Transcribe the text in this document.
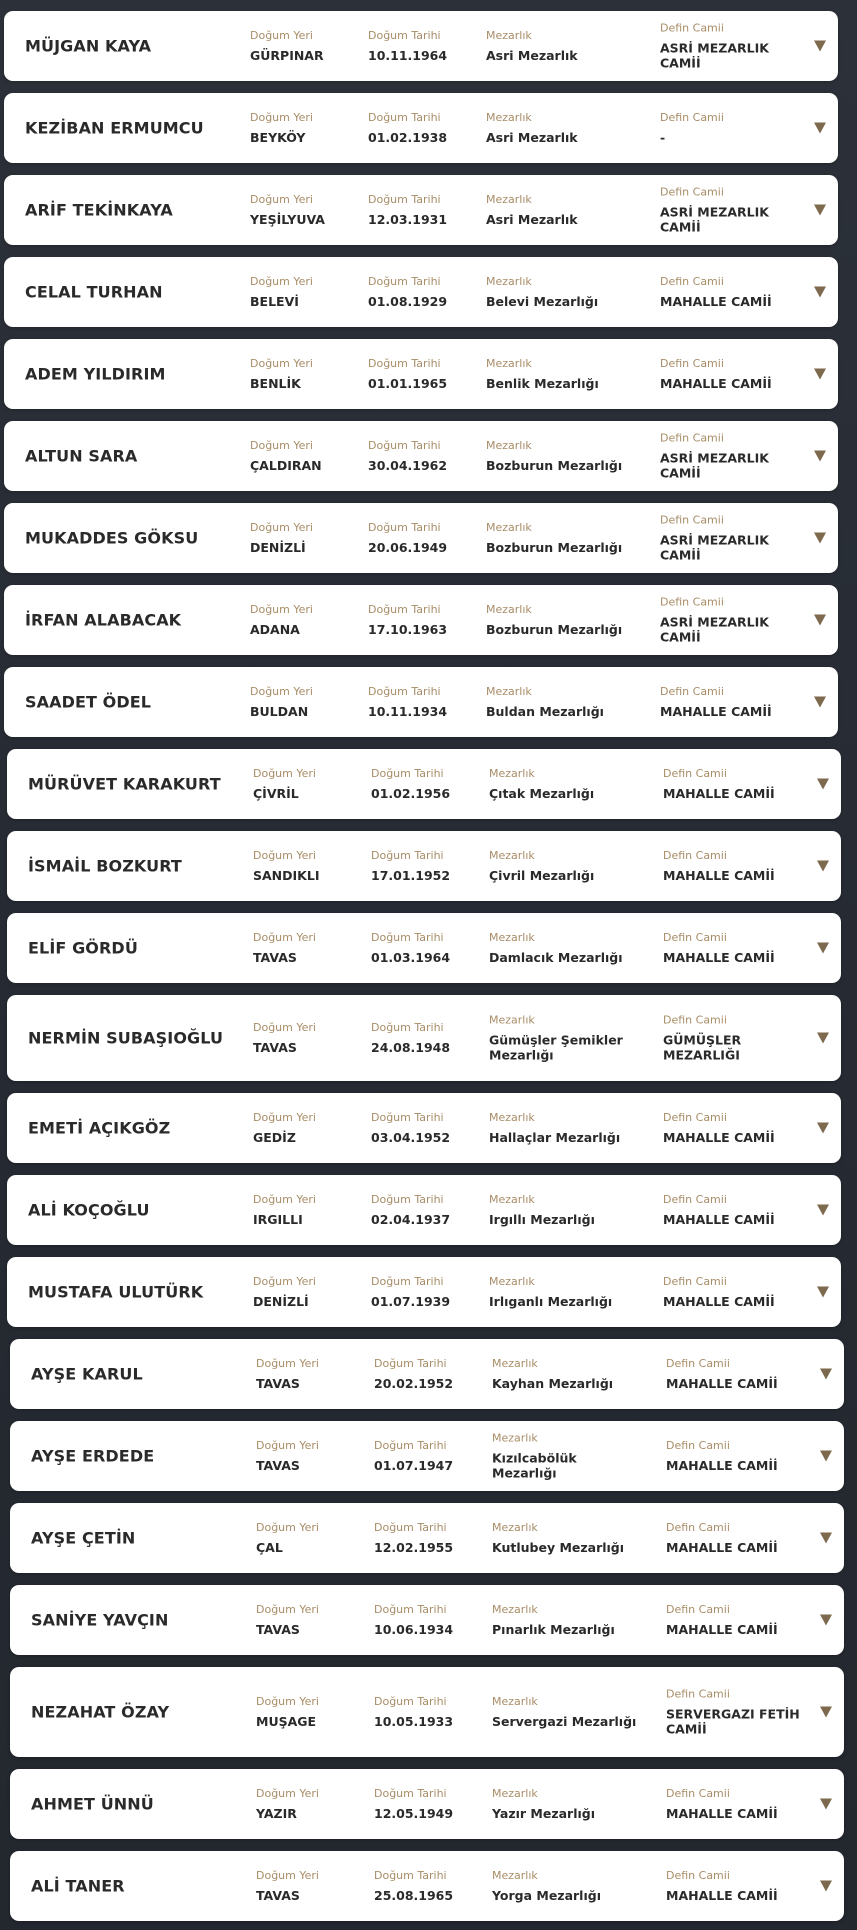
MÜJGAN KAYA
Doğum Yeri
GÜRPINAR
Doğum Tarihi
10.11.1964
Mezarlık
Asri Mezarlık
Defin Camii
ASRİ MEZARLIK CAMİİ
KEZİBAN ERMUMCU
Doğum Yeri
BEYKÖY
Doğum Tarihi
01.02.1938
Mezarlık
Asri Mezarlık
Defin Camii
-
ARİF TEKİNKAYA
Doğum Yeri
YEŞİLYUVA
Doğum Tarihi
12.03.1931
Mezarlık
Asri Mezarlık
Defin Camii
ASRİ MEZARLIK CAMİİ
CELAL TURHAN
Doğum Yeri
BELEVİ
Doğum Tarihi
01.08.1929
Mezarlık
Belevi Mezarlığı
Defin Camii
MAHALLE CAMİİ
ADEM YILDIRIM
Doğum Yeri
BENLİK
Doğum Tarihi
01.01.1965
Mezarlık
Benlik Mezarlığı
Defin Camii
MAHALLE CAMİİ
ALTUN SARA
Doğum Yeri
ÇALDIRAN
Doğum Tarihi
30.04.1962
Mezarlık
Bozburun Mezarlığı
Defin Camii
ASRİ MEZARLIK CAMİİ
MUKADDES GÖKSU
Doğum Yeri
DENİZLİ
Doğum Tarihi
20.06.1949
Mezarlık
Bozburun Mezarlığı
Defin Camii
ASRİ MEZARLIK CAMİİ
İRFAN ALABACAK
Doğum Yeri
ADANA
Doğum Tarihi
17.10.1963
Mezarlık
Bozburun Mezarlığı
Defin Camii
ASRİ MEZARLIK CAMİİ
SAADET ÖDEL
Doğum Yeri
BULDAN
Doğum Tarihi
10.11.1934
Mezarlık
Buldan Mezarlığı
Defin Camii
MAHALLE CAMİİ
MÜRÜVET KARAKURT
Doğum Yeri
ÇİVRİL
Doğum Tarihi
01.02.1956
Mezarlık
Çıtak Mezarlığı
Defin Camii
MAHALLE CAMİİ
İSMAİL BOZKURT
Doğum Yeri
SANDIKLI
Doğum Tarihi
17.01.1952
Mezarlık
Çivril Mezarlığı
Defin Camii
MAHALLE CAMİİ
ELİF GÖRDÜ
Doğum Yeri
TAVAS
Doğum Tarihi
01.03.1964
Mezarlık
Damlacık Mezarlığı
Defin Camii
MAHALLE CAMİİ
NERMİN SUBAŞIOĞLU
Doğum Yeri
TAVAS
Doğum Tarihi
24.08.1948
Mezarlık
Gümüşler Şemikler Mezarlığı
Defin Camii
GÜMÜŞLER MEZARLIĞI
EMETİ AÇIKGÖZ
Doğum Yeri
GEDİZ
Doğum Tarihi
03.04.1952
Mezarlık
Hallaçlar Mezarlığı
Defin Camii
MAHALLE CAMİİ
ALİ KOÇOĞLU
Doğum Yeri
IRGILLI
Doğum Tarihi
02.04.1937
Mezarlık
Irgıllı Mezarlığı
Defin Camii
MAHALLE CAMİİ
MUSTAFA ULUTÜRK
Doğum Yeri
DENİZLİ
Doğum Tarihi
01.07.1939
Mezarlık
Irlıganlı Mezarlığı
Defin Camii
MAHALLE CAMİİ
AYŞE KARUL
Doğum Yeri
TAVAS
Doğum Tarihi
20.02.1952
Mezarlık
Kayhan Mezarlığı
Defin Camii
MAHALLE CAMİİ
AYŞE ERDEDE
Doğum Yeri
TAVAS
Doğum Tarihi
01.07.1947
Mezarlık
Kızılcabölük Mezarlığı
Defin Camii
MAHALLE CAMİİ
AYŞE ÇETİN
Doğum Yeri
ÇAL
Doğum Tarihi
12.02.1955
Mezarlık
Kutlubey Mezarlığı
Defin Camii
MAHALLE CAMİİ
SANİYE YAVÇIN
Doğum Yeri
TAVAS
Doğum Tarihi
10.06.1934
Mezarlık
Pınarlık Mezarlığı
Defin Camii
MAHALLE CAMİİ
NEZAHAT ÖZAY
Doğum Yeri
MUŞAGE
Doğum Tarihi
10.05.1933
Mezarlık
Servergazi Mezarlığı
Defin Camii
SERVERGAZI FETİH CAMİİ
AHMET ÜNNÜ
Doğum Yeri
YAZIR
Doğum Tarihi
12.05.1949
Mezarlık
Yazır Mezarlığı
Defin Camii
MAHALLE CAMİİ
ALİ TANER
Doğum Yeri
TAVAS
Doğum Tarihi
25.08.1965
Mezarlık
Yorga Mezarlığı
Defin Camii
MAHALLE CAMİİ
